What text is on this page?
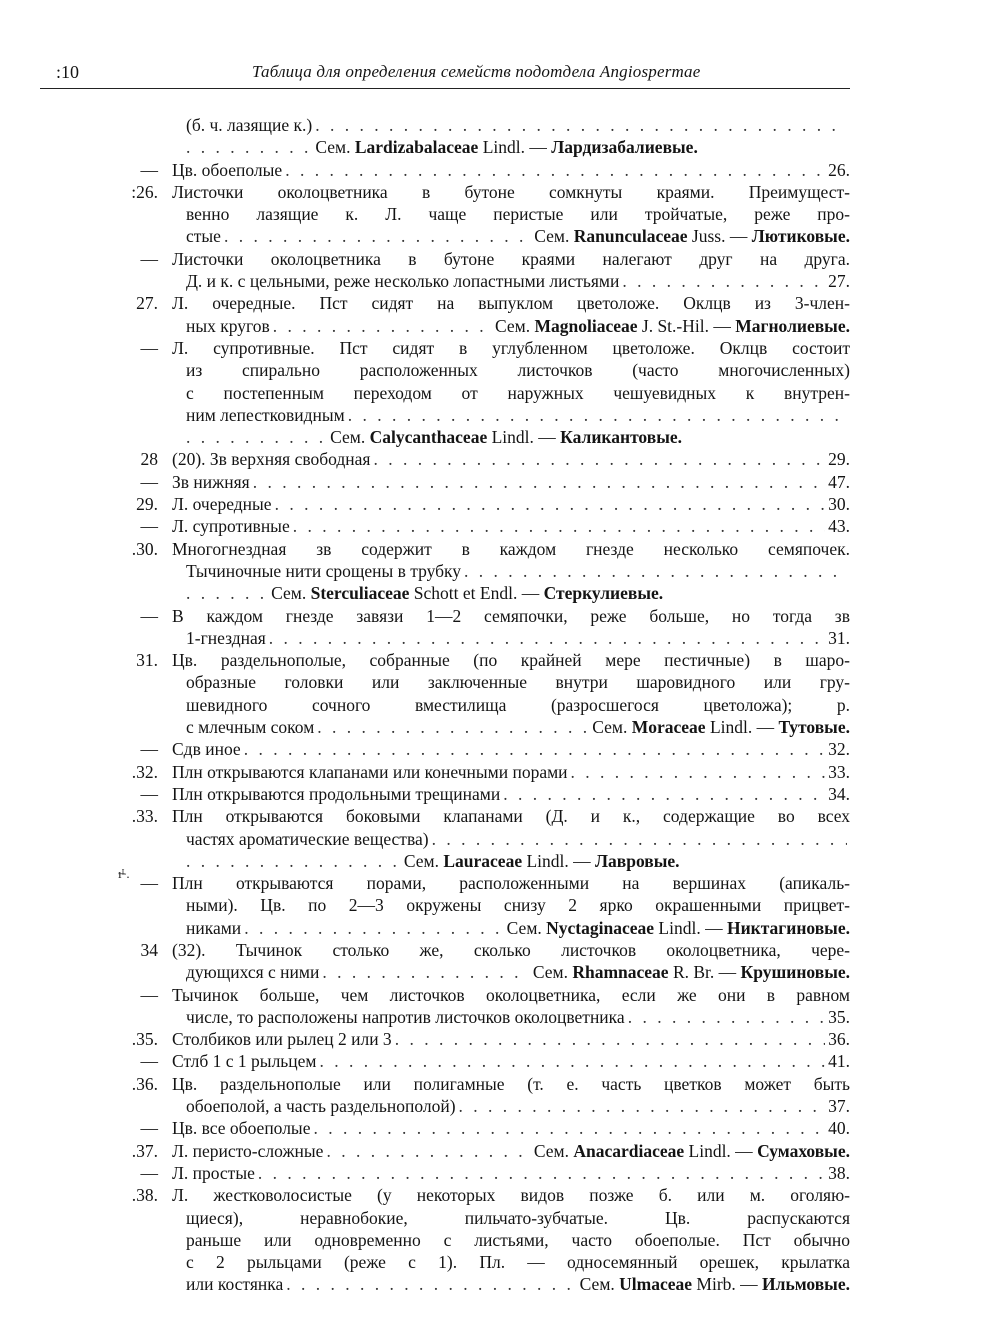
:10	Таблица для определения семейств подотдела Angiospermae
ı̶ᴸ.
(б. ч. лазящие к.)
. . .
. . . . . . . . . Сем. Lardizabalaceae Lindl. — Лардизабалиевые.
— Цв. обоеполые . . .	26.
:26. Листочки околоцветника в бутоне сомкнуты краями. Преимущест-
венно лазящие к. Л. чаще перистые или тройчатые, реже про-
стые . . .	Сем. Ranunculaceae Juss. — Лютиковые.
— Листочки околоцветника в бутоне краями налегают друг на друга.
Д. и к. с цельными, реже несколько лопастными листьями . . .	27.
27. Л. очередные. Пст сидят на выпуклом цветоложе. Оклцв из 3-член-
ных кругов . . .	Сем. Magnoliaceae J. St.-Hil. — Магнолиевые.
— Л. супротивные. Пст сидят в углубленном цветоложе. Оклцв состоит
из спирально расположенных листочков (часто многочисленных)
с постепенным переходом от наружных чешуевидных к внутрен-
ним лепестковидным
. . .
. . . . . . . . . . Сем. Calycanthaceae Lindl. — Каликантовые.
28 (20). Зв верхняя свободная . . .	29.
— Зв нижняя . . .	47.
29. Л. очередные . . .	30.
— Л. супротивные . . .	43.
.30. Многогнездная зв содержит в каждом гнезде несколько семяпочек.
Тычиночные нити срощены в трубку
. . .
. . . . . . Сем. Sterculiaceae Schott et Endl. — Стеркулиевые.
— В каждом гнезде завязи 1—2 семяпочки, реже больше, но тогда зв
1-гнездная . . .	31.
31. Цв. раздельнополые, собранные (по крайней мере пестичные) в шаро-
образные головки или заключенные внутри шаровидного или гру-
шевидного сочного вместилища (разросшегося цветоложа); р.
с млечным соком . . .	Сем. Moraceae Lindl. — Тутовые.
— Сдв иное . . .	32.
.32. Плн открываются клапанами или конечными порами . . .	33.
— Плн открываются продольными трещинами . . .	34.
.33. Плн открываются боковыми клапанами (Д. и к., содержащие во всех
частях ароматические вещества)
. . .
. . . . . . . . . . . . . . . Сем. Lauraceae Lindl. — Лавровые.
— Плн открываются порами, расположенными на вершинах (апикаль-
ными). Цв. по 2—3 окружены снизу 2 ярко окрашенными прицвет-
никами . . .	Сем. Nyctaginaceae Lindl. — Никтагиновые.
34 (32). Тычинок столько же, сколько листочков околоцветника, чере-
дующихся с ними . . .	Сем. Rhamnaceae R. Br. — Крушиновые.
— Тычинок больше, чем листочков околоцветника, если же они в равном
числе, то расположены напротив листочков околоцветника . . .	35.
.35. Столбиков или рылец 2 или 3 . . .	36.
— Стлб 1 с 1 рыльцем . . .	41.
.36. Цв. раздельнополые или полигамные (т. е. часть цветков может быть
обоеполой, а часть раздельнополой) . . .	37.
— Цв. все обоеполые . . .	40.
.37. Л. перисто-сложные . . .	Сем. Anacardiaceae Lindl. — Сумаховые.
— Л. простые . . .	38.
.38. Л. жестковолосистые (у некоторых видов позже б. или м. оголяю-
щиеся), неравнобокие, пильчато-зубчатые. Цв. распускаются
раньше или одновременно с листьями, часто обоеполые. Пст обычно
с 2 рыльцами (реже с 1). Пл. — односемянный орешек, крылатка
или костянка . . .	Сем. Ulmaceae Mirb. — Ильмовые.
